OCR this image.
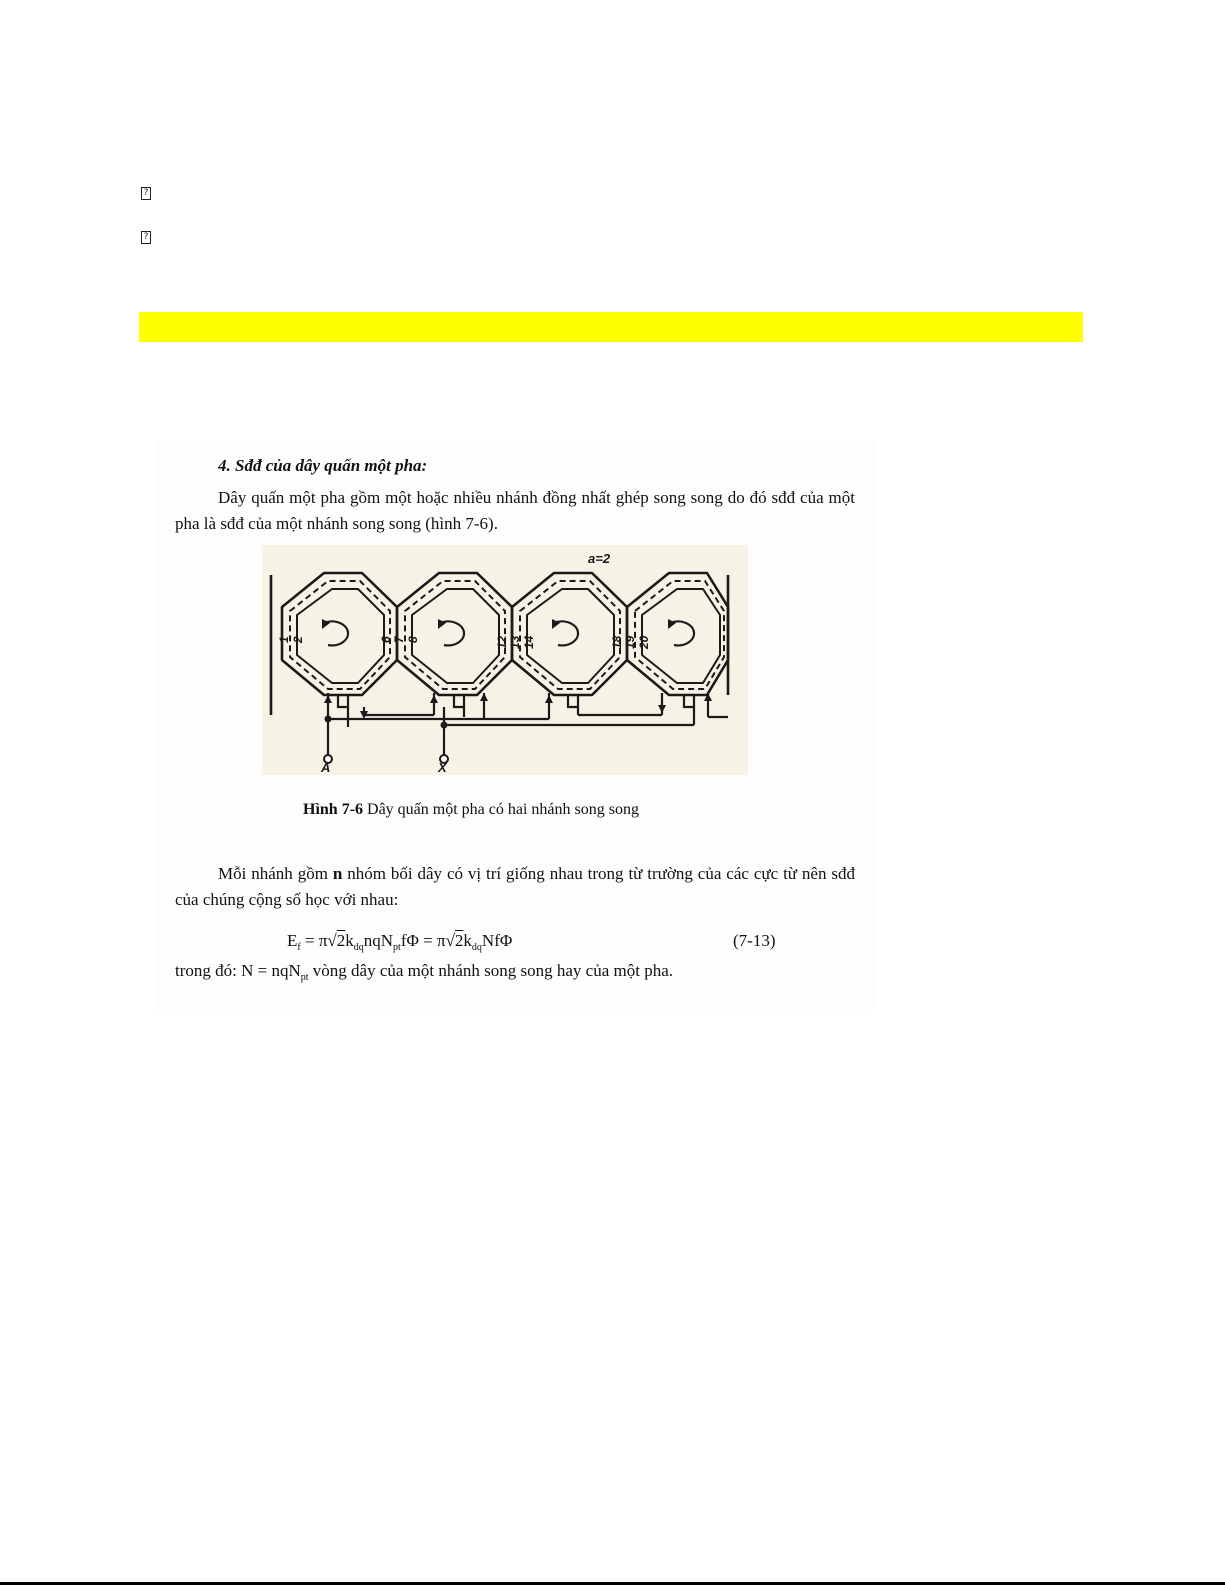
?
?
4. Sđđ của dây quấn một pha:
Dây quấn một pha gồm một hoặc nhiều nhánh đồng nhất ghép song song do đó sđđ của một pha là sđđ của một nhánh song song (hình 7-6).
a=2
A	X
1 2	6 7 8	12 13 14	18 19 20
Hình 7-6 Dây quấn một pha có hai nhánh song song
Mỗi nhánh gồm n nhóm bối dây có vị trí giống nhau trong từ trường của các cực từ nên sđđ của chúng cộng số học với nhau:
$E_f = \pi√2k_{dq}nqN_{pt}f\Phi = \pi√2k_{dq}Nf\Phi$	(7-13)
trong đó: N = nqN$_{pt}$ vòng dây của một nhánh song song hay của một pha.
